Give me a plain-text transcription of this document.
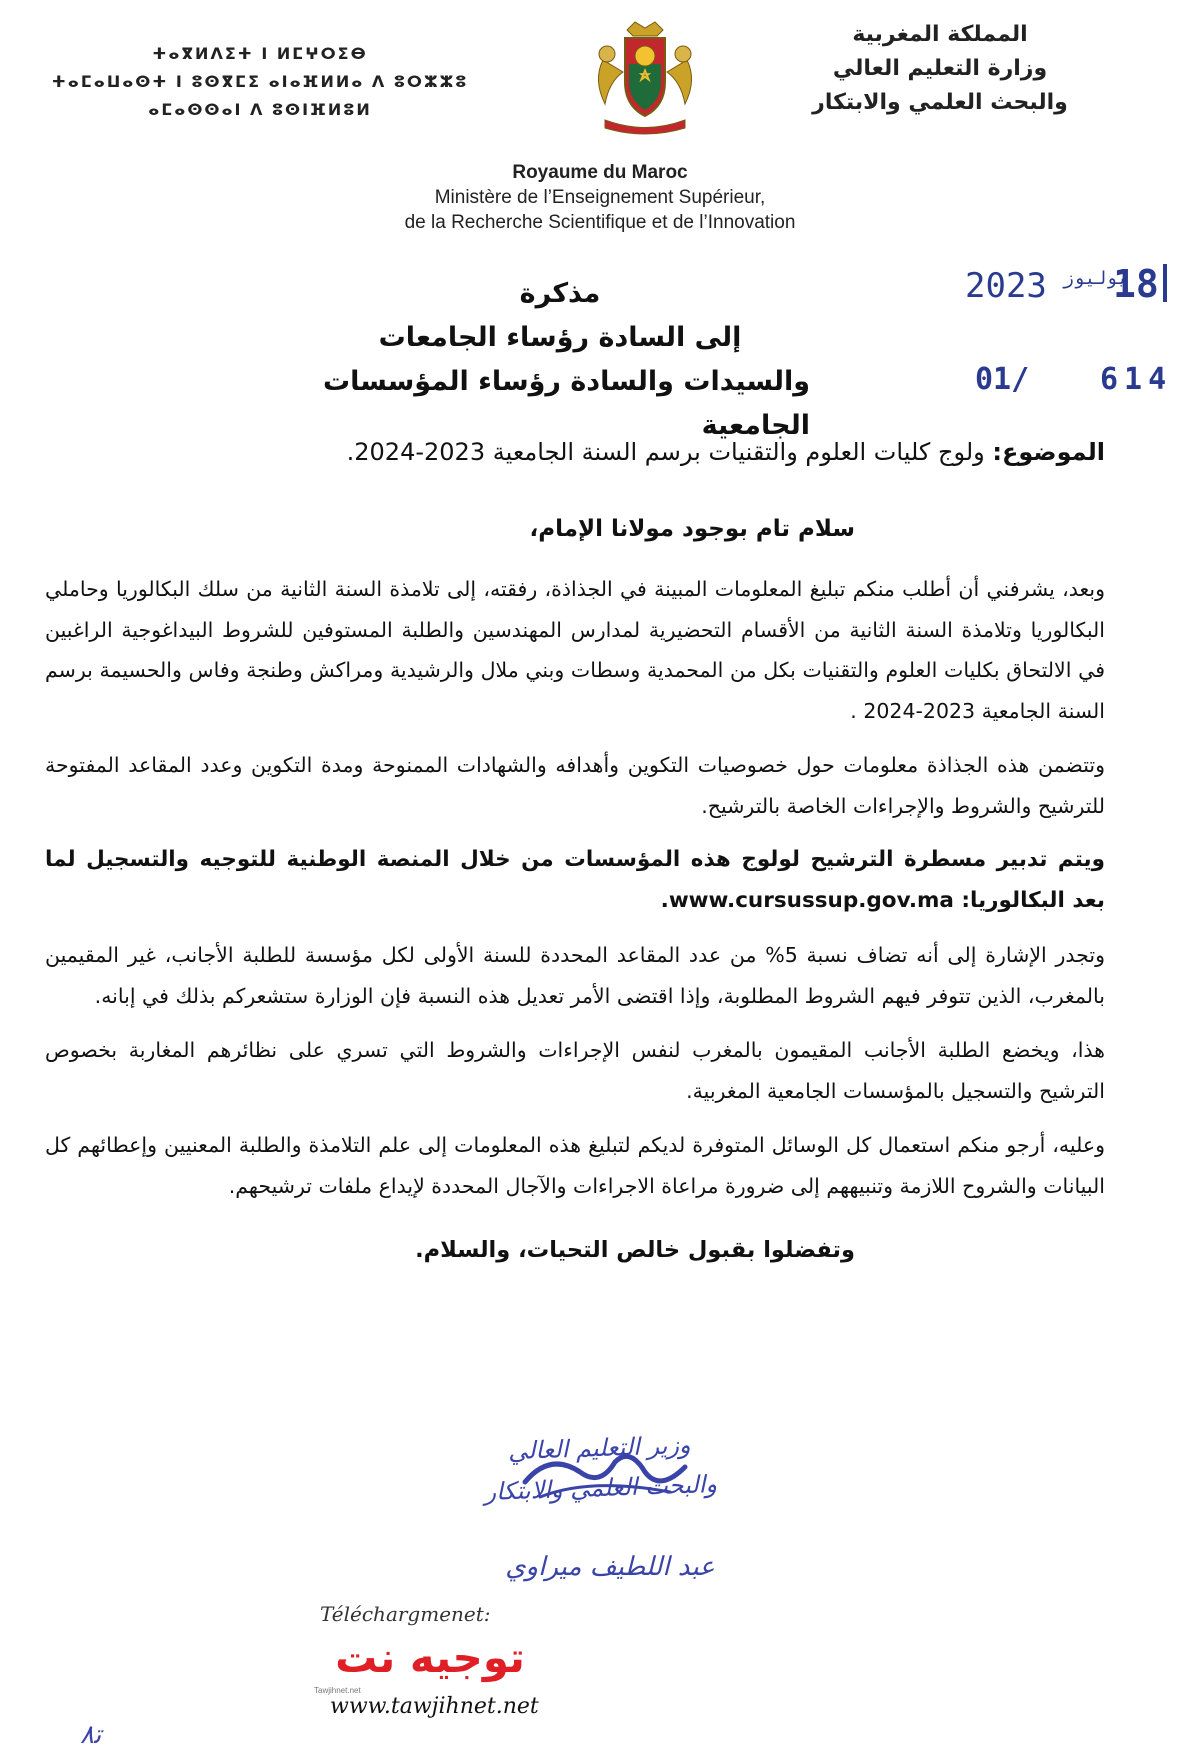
المملكة المغربية
وزارة التعليم العالي
والبحث العلمي والابتكار
ⵜⴰⴳⵍⴷⵉⵜ ⵏ ⵍⵎⵖⵔⵉⴱ
ⵜⴰⵎⴰⵡⴰⵙⵜ ⵏ ⵓⵙⴳⵎⵉ ⴰⵏⴰⴼⵍⵍⴰ ⴷ ⵓⵔⵣⵣⵓ
ⴰⵎⴰⵙⵙⴰⵏ ⴷ ⵓⵙⵏⴼⵍⵓⵍ
Royaume du Maroc
Ministère de l’Enseignement Supérieur,
de la Recherche Scientifique et de l’Innovation
2023 يوليوز
18
01/ 614
مذكرة
إلى السادة رؤساء الجامعات
والسيدات والسادة رؤساء المؤسسات الجامعية

الموضوع: ولوج كليات العلوم والتقنيات برسم السنة الجامعية 2023-2024.

سلام تام بوجود مولانا الإمام،

وبعد، يشرفني أن أطلب منكم تبليغ المعلومات المبينة في الجذاذة، رفقته، إلى تلامذة السنة الثانية من سلك البكالوريا وحاملي البكالوريا وتلامذة السنة الثانية من الأقسام التحضيرية لمدارس المهندسين والطلبة المستوفين للشروط البيداغوجية الراغبين في الالتحاق بكليات العلوم والتقنيات بكل من المحمدية وسطات وبني ملال والرشيدية ومراكش وطنجة وفاس والحسيمة برسم السنة الجامعية 2023-2024 .

وتتضمن هذه الجذاذة معلومات حول خصوصيات التكوين وأهدافه والشهادات الممنوحة ومدة التكوين وعدد المقاعد المفتوحة للترشيح والشروط والإجراءات الخاصة بالترشيح.

ويتم تدبير مسطرة الترشيح لولوج هذه المؤسسات من خلال المنصة الوطنية للتوجيه والتسجيل لما بعد البكالوريا: www.cursussup.gov.ma.

وتجدر الإشارة إلى أنه تضاف نسبة 5% من عدد المقاعد المحددة للسنة الأولى لكل مؤسسة للطلبة الأجانب، غير المقيمين بالمغرب، الذين تتوفر فيهم الشروط المطلوبة، وإذا اقتضى الأمر تعديل هذه النسبة فإن الوزارة ستشعركم بذلك في إبانه.

هذا، ويخضع الطلبة الأجانب المقيمون بالمغرب لنفس الإجراءات والشروط التي تسري على نظائرهم المغاربة بخصوص الترشيح والتسجيل بالمؤسسات الجامعية المغربية.

وعليه، أرجو منكم استعمال كل الوسائل المتوفرة لديكم لتبليغ هذه المعلومات إلى علم التلامذة والطلبة المعنيين وإعطائهم كل البيانات والشروح اللازمة وتنبيههم إلى ضرورة مراعاة الاجراءات والآجال المحددة لإيداع ملفات ترشيحهم.

وتفضلوا بقبول خالص التحيات، والسلام.

وزير التعليم العالي
والبحث العلمي والابتكار
عبد اللطيف ميراوي
Téléchargmenet:
توجيه نت
Tawjihnet.net
www.tawjihnet.net
ﺗ٨
